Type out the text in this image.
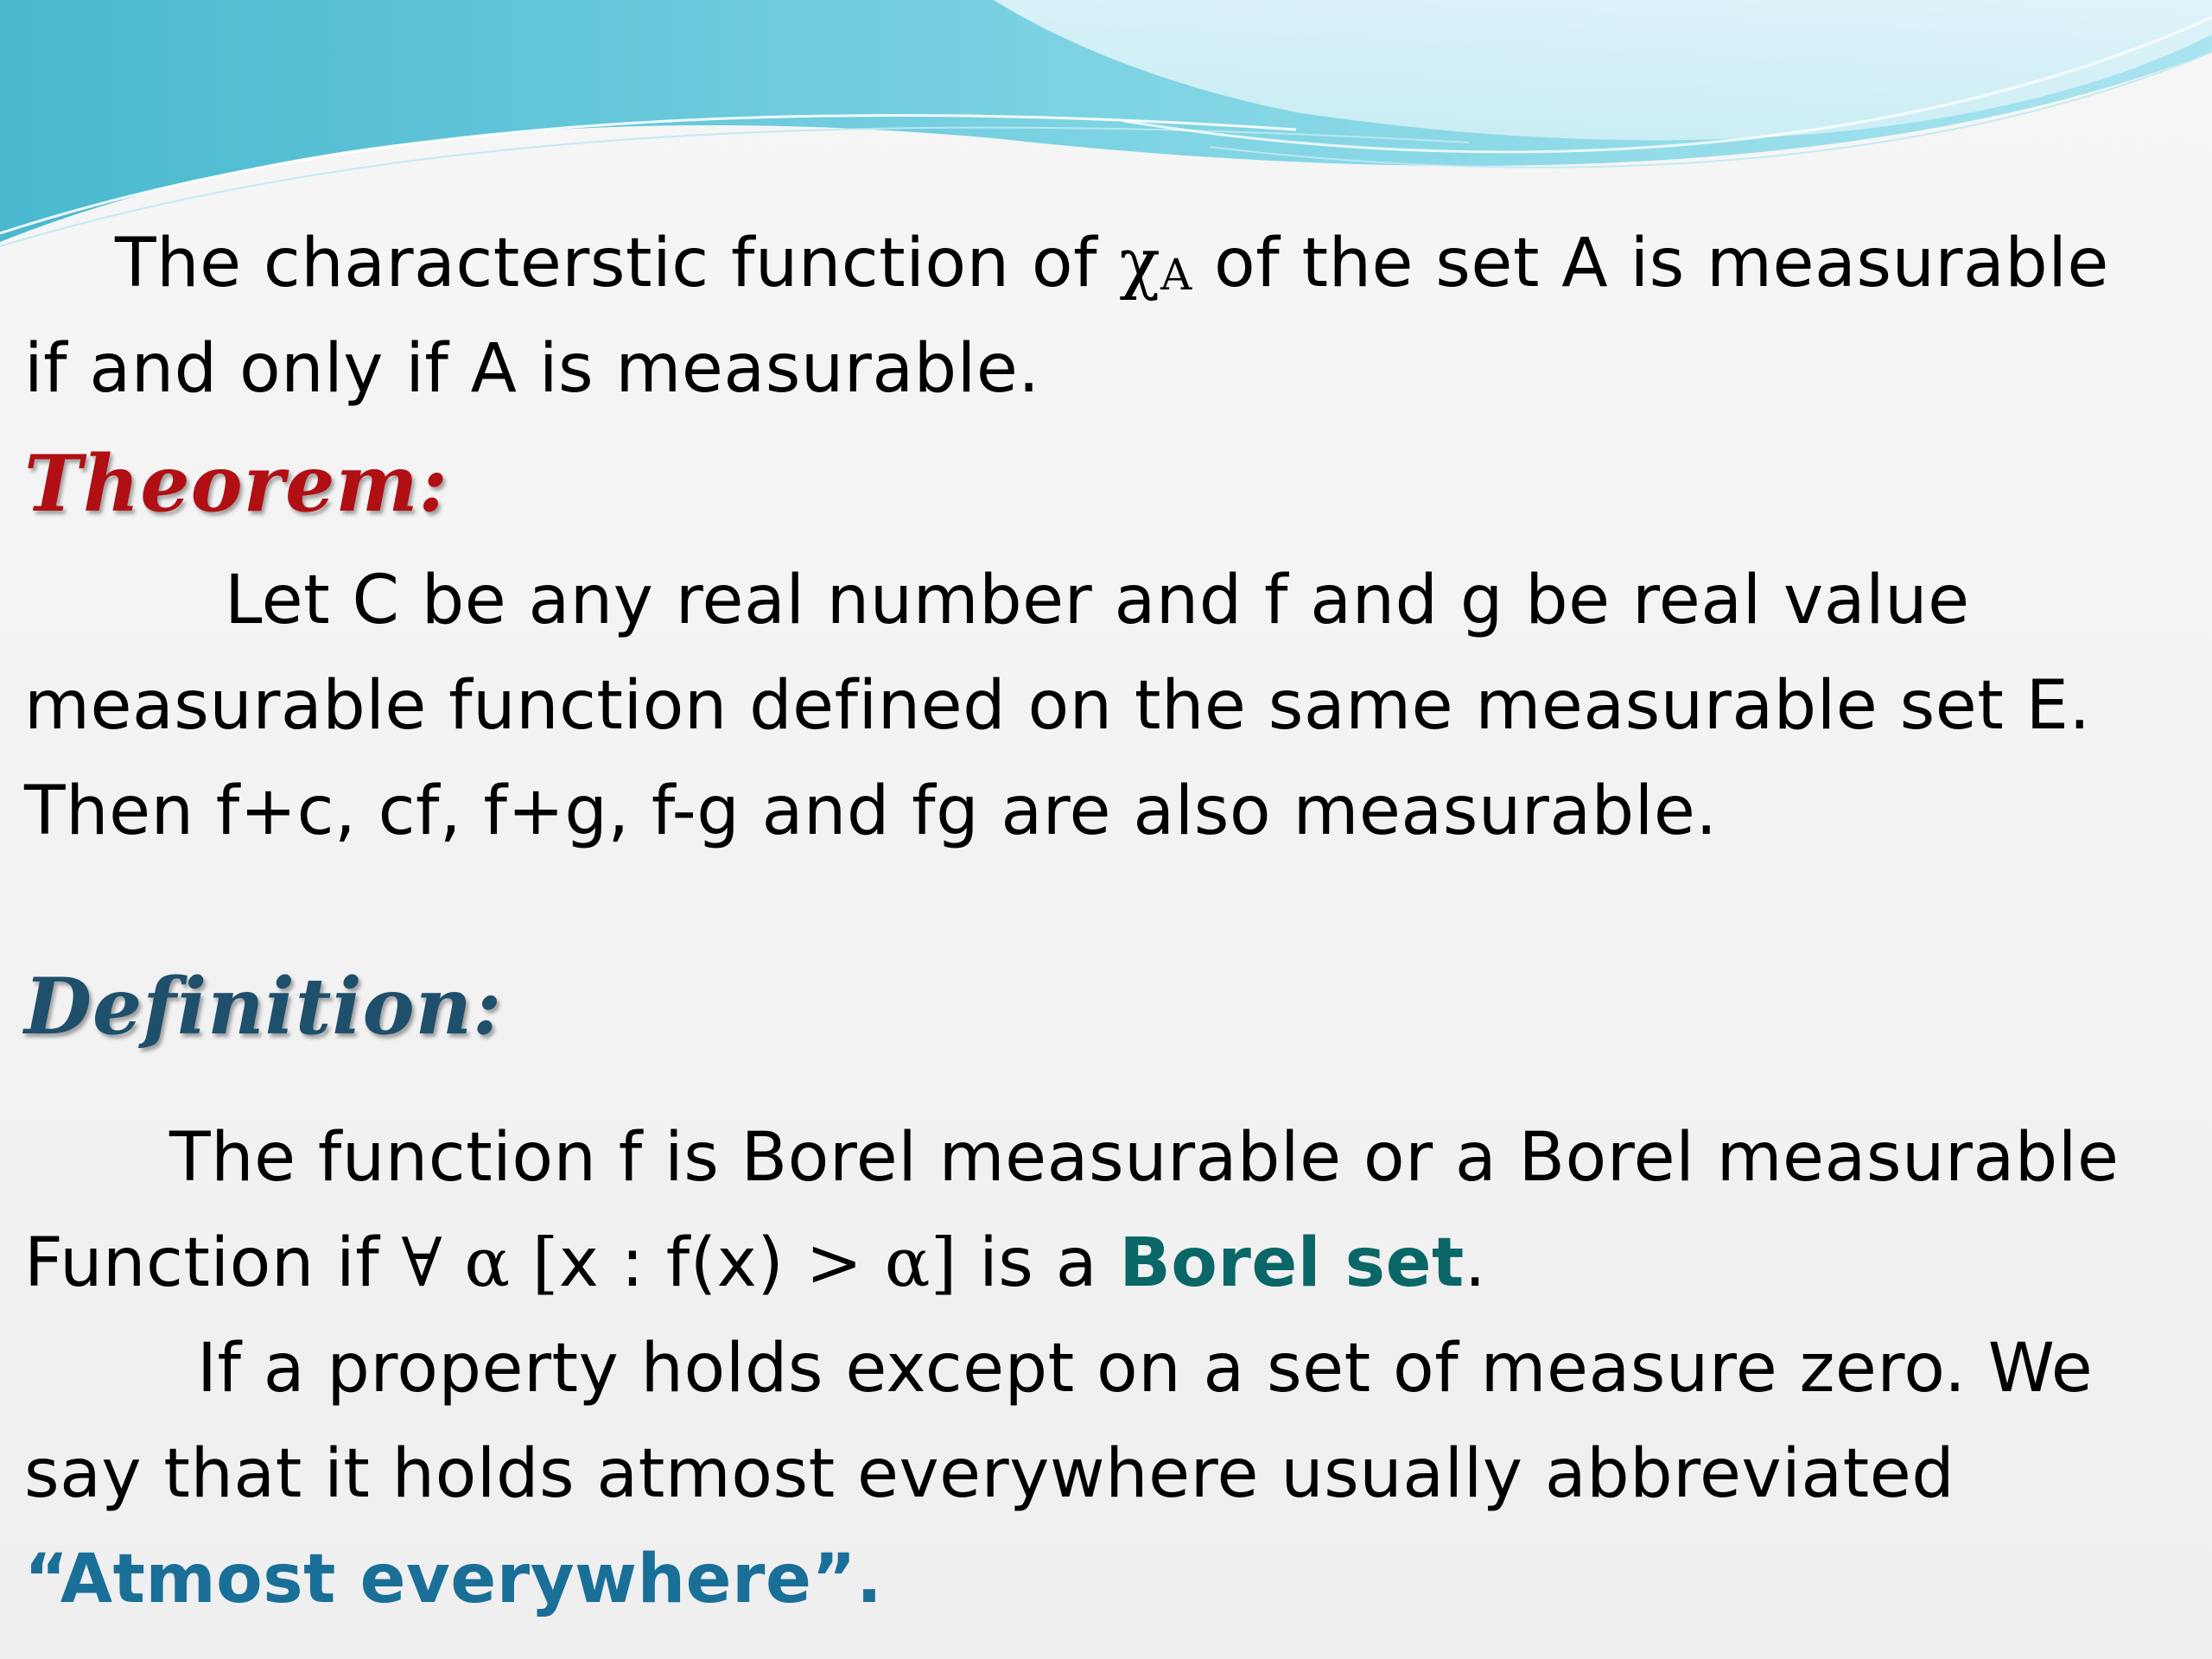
The characterstic function of χA of the set A is measurable
if and only if A is measurable.
Theorem:
Let C be any real number and f and g be real value
measurable function defined on the same measurable set E.
Then f+c, cf, f+g, f-g and fg are also measurable.
Definition:
The function f is Borel measurable or a Borel measurable
Function if ∀ α [x : f(x) > α] is a Borel set.
If a property holds except on a set of measure zero. We
say that it holds atmost everywhere usually abbreviated
“Atmost everywhere”.
